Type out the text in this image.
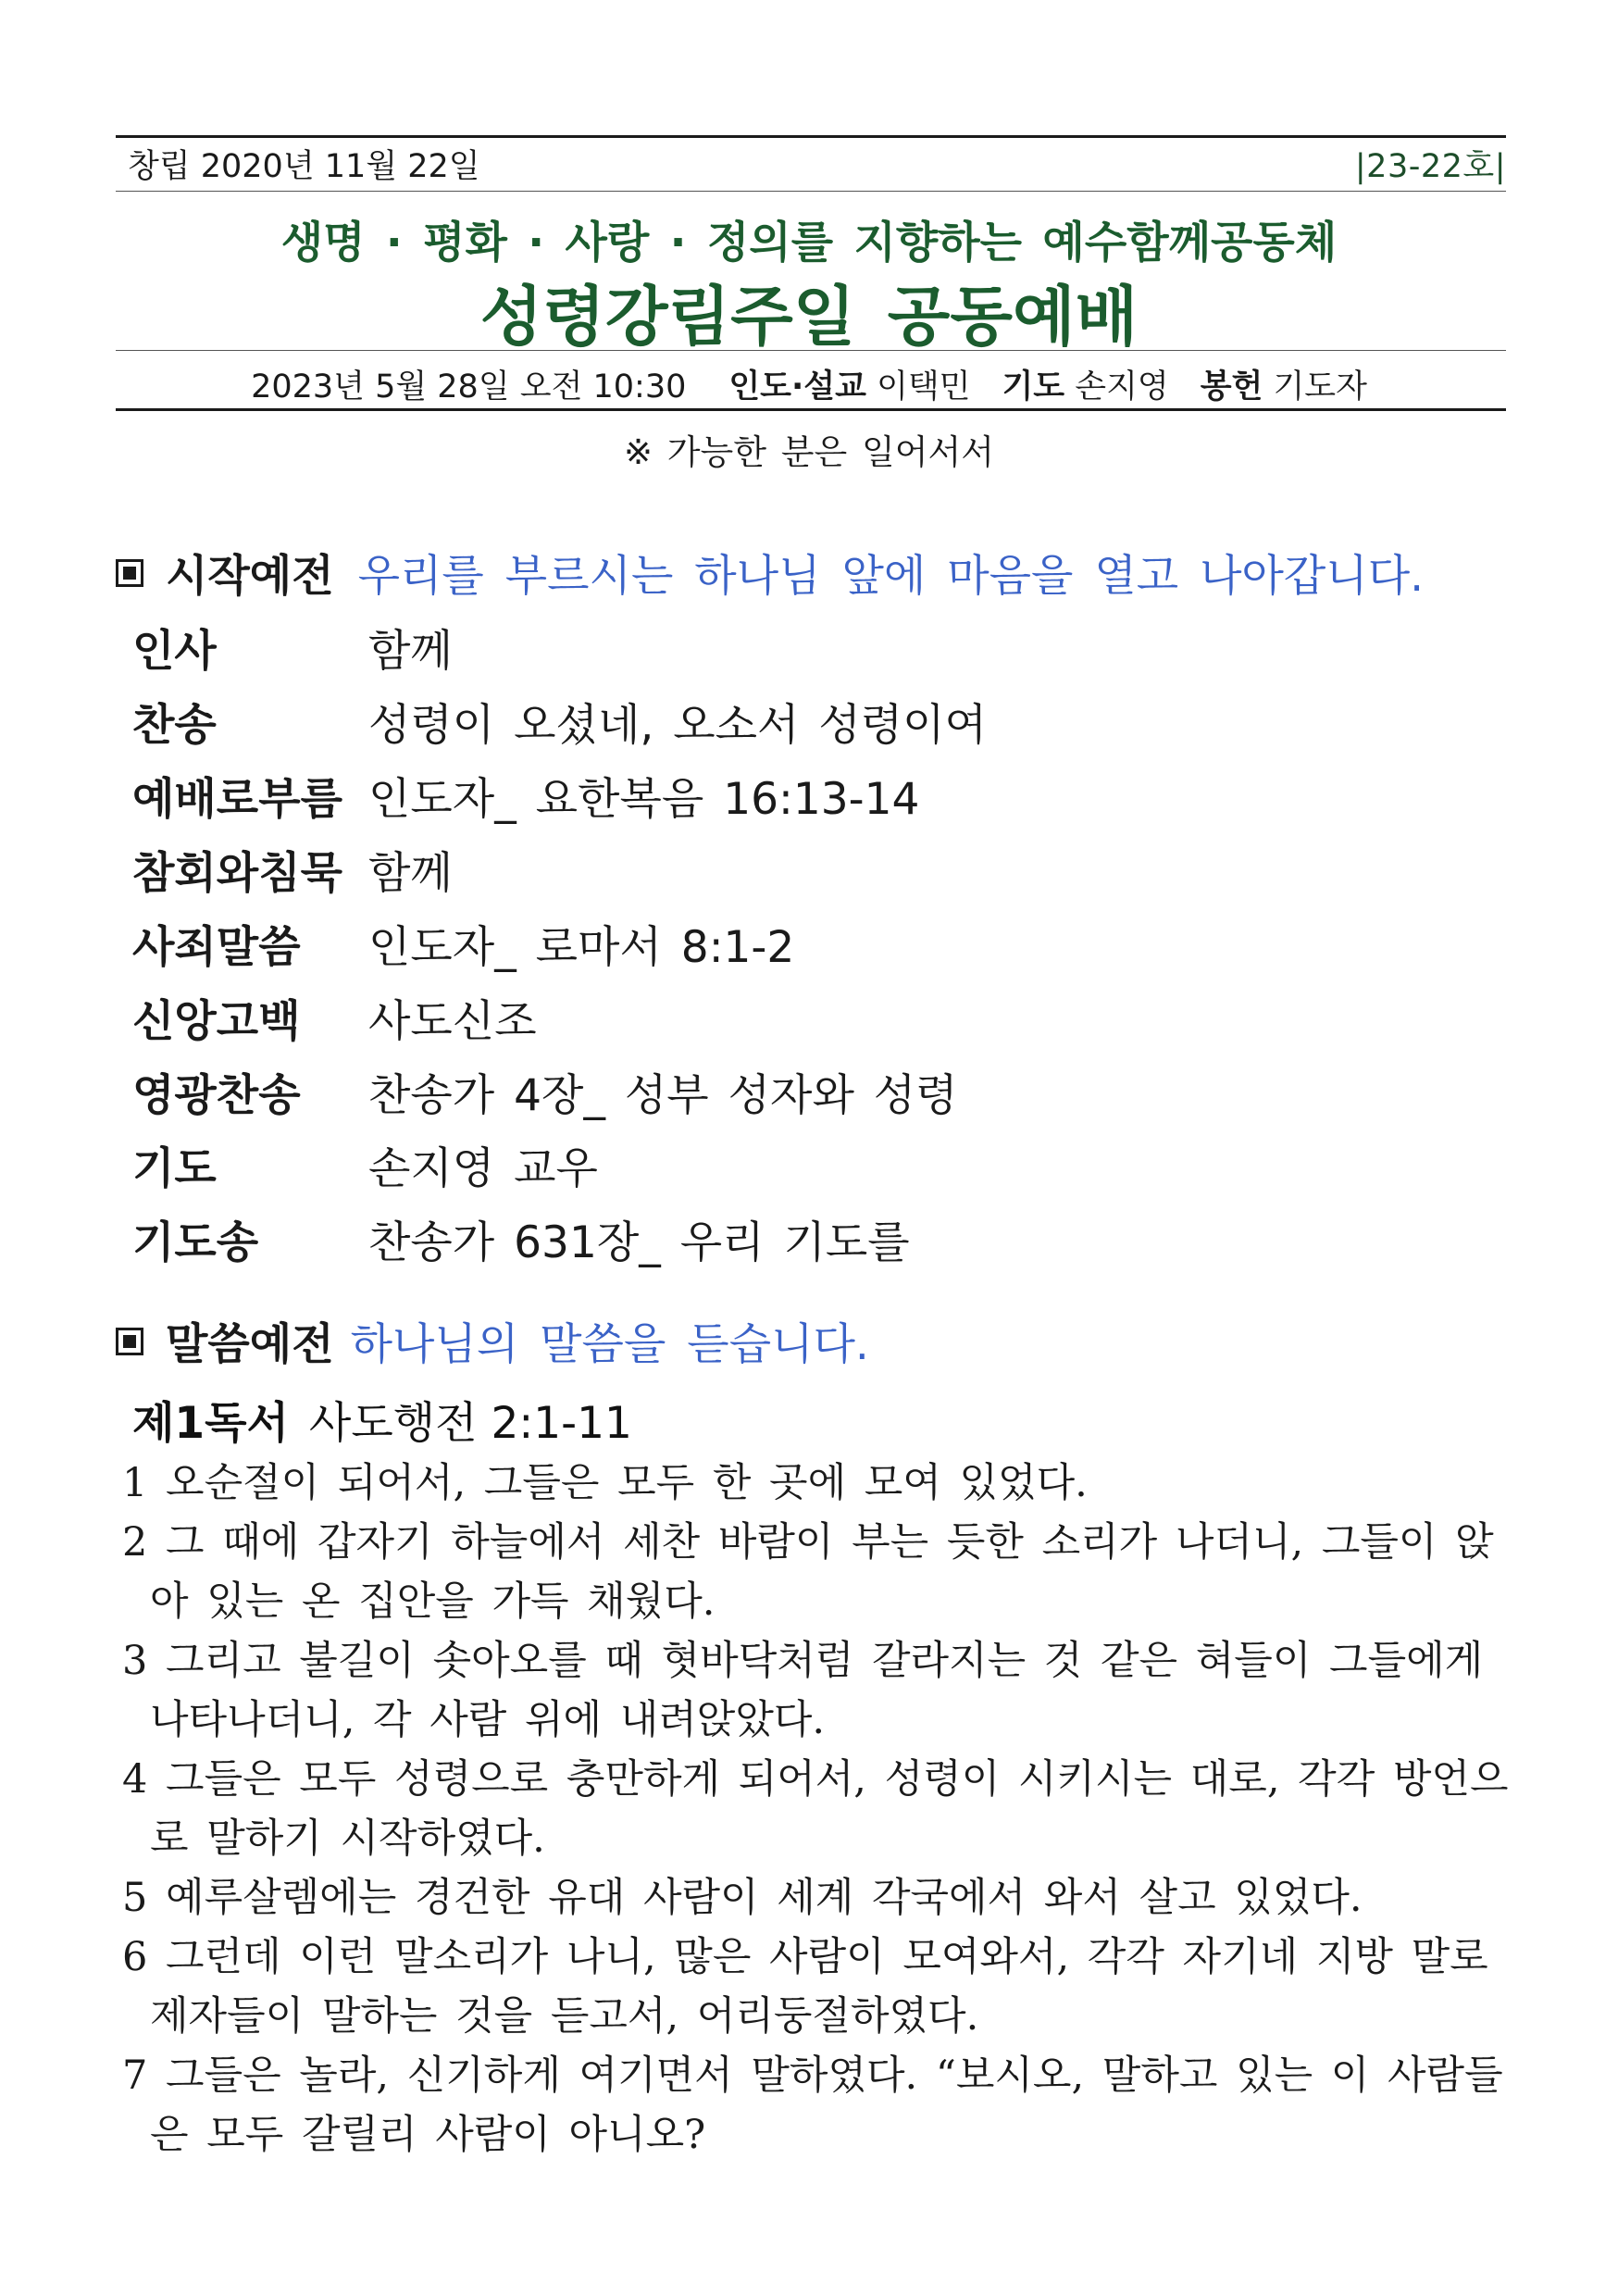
창립 2020년 11월 22일	|23-22호|
생명 · 평화 · 사랑 · 정의를 지향하는 예수함께공동체
성령강림주일 공동예배
2023년 5월 28일 오전 10:30 인도·설교 이택민 기도 손지영 봉헌 기도자
※ 가능한 분은 일어서서
시작예전 우리를 부르시는 하나님 앞에 마음을 열고 나아갑니다.
인사	함께
찬송	성령이 오셨네, 오소서 성령이여
예배로부름 인도자_ 요한복음 16:13-14
참회와침묵 함께
사죄말씀 인도자_ 로마서 8:1-2
신앙고백 사도신조
영광찬송 찬송가 4장_ 성부 성자와 성령
기도	손지영 교우
기도송	찬송가 631장_ 우리 기도를
말씀예전 하나님의 말씀을 듣습니다.
제1독서 사도행전 2:1-11

1 오순절이 되어서, 그들은 모두 한 곳에 모여 있었다.

2 그 때에 갑자기 하늘에서 세찬 바람이 부는 듯한 소리가 나더니, 그들이 앉아 있는 온 집안을 가득 채웠다.

3 그리고 불길이 솟아오를 때 혓바닥처럼 갈라지는 것 같은 혀들이 그들에게 나타나더니, 각 사람 위에 내려앉았다.

4 그들은 모두 성령으로 충만하게 되어서, 성령이 시키시는 대로, 각각 방언으로 말하기 시작하였다.

5 예루살렘에는 경건한 유대 사람이 세계 각국에서 와서 살고 있었다.

6 그런데 이런 말소리가 나니, 많은 사람이 모여와서, 각각 자기네 지방 말로 제자들이 말하는 것을 듣고서, 어리둥절하였다.

7 그들은 놀라, 신기하게 여기면서 말하였다. “보시오, 말하고 있는 이 사람들은 모두 갈릴리 사람이 아니오?
